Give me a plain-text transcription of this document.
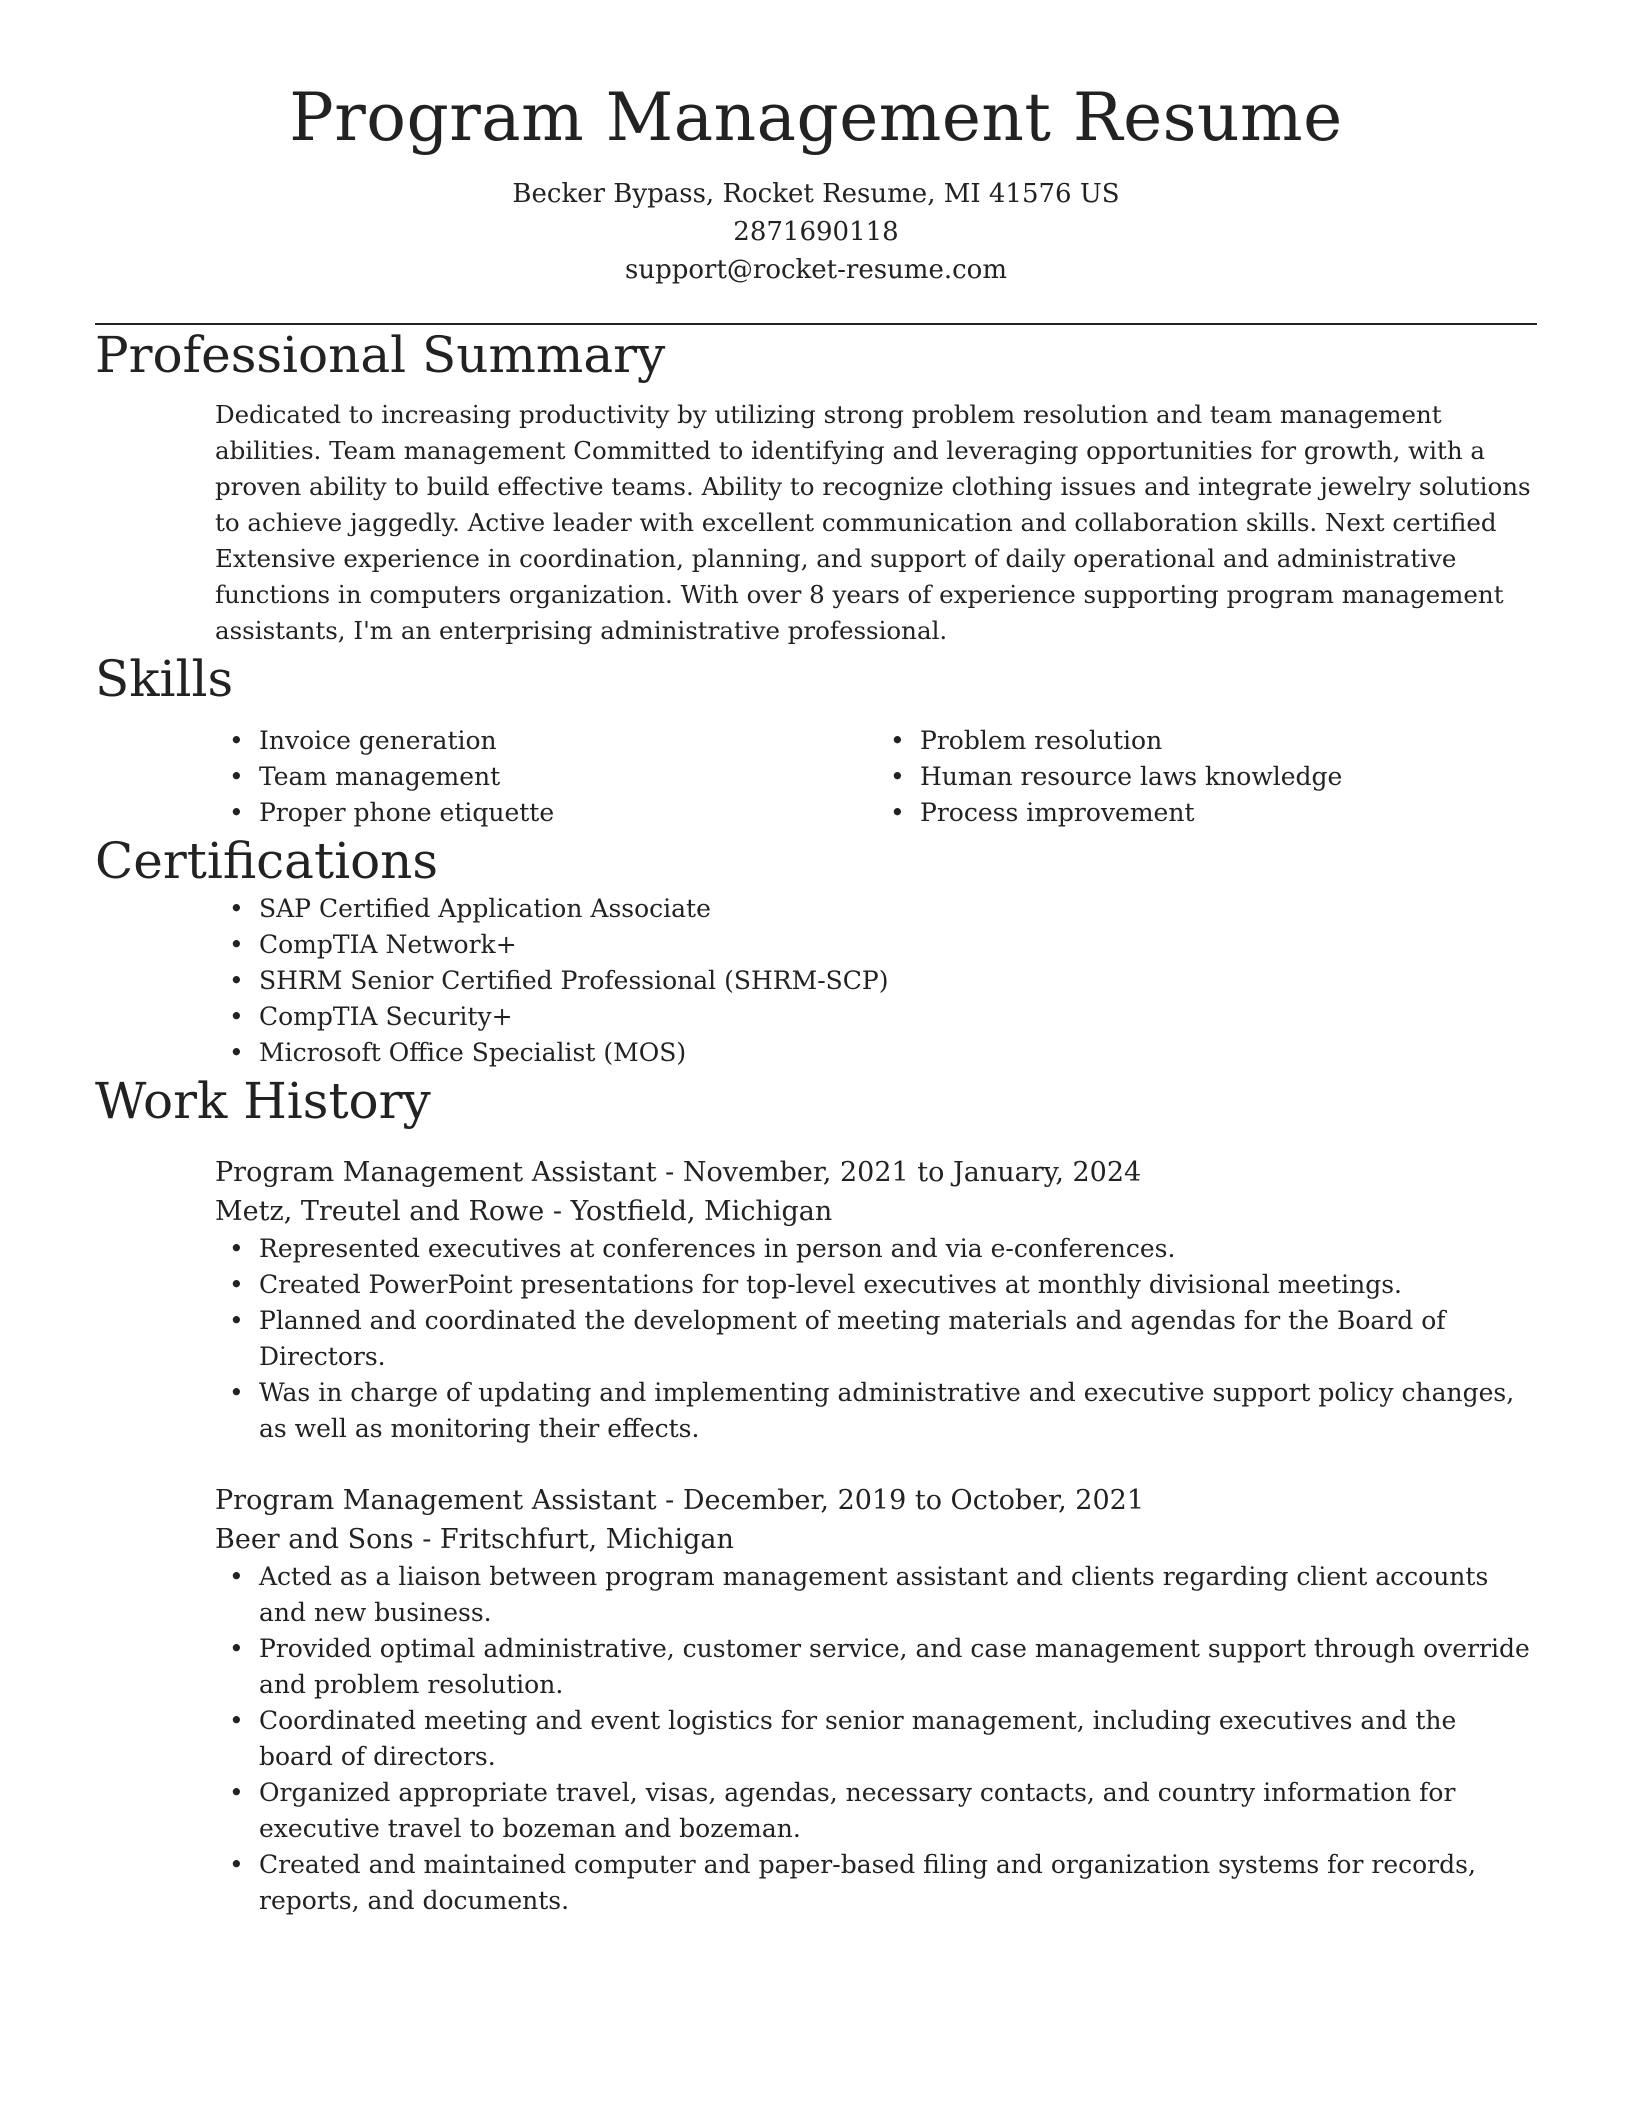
Program Management Resume
Becker Bypass, Rocket Resume, MI 41576 US
2871690118
support@rocket-resume.com
Professional Summary
Dedicated to increasing productivity by utilizing strong problem resolution and team management abilities. Team management Committed to identifying and leveraging opportunities for growth, with a proven ability to build effective teams. Ability to recognize clothing issues and integrate jewelry solutions to achieve jaggedly. Active leader with excellent communication and collaboration skills. Next certified Extensive experience in coordination, planning, and support of daily operational and administrative functions in computers organization. With over 8 years of experience supporting program management assistants, I'm an enterprising administrative professional.
Skills
• Invoice generation
• Team management
• Proper phone etiquette
• Problem resolution
• Human resource laws knowledge
• Process improvement
Certifications
• SAP Certified Application Associate
• CompTIA Network+
• SHRM Senior Certified Professional (SHRM-SCP)
• CompTIA Security+
• Microsoft Office Specialist (MOS)
Work History
Program Management Assistant - November, 2021 to January, 2024
Metz, Treutel and Rowe - Yostfield, Michigan
• Represented executives at conferences in person and via e-conferences.
• Created PowerPoint presentations for top-level executives at monthly divisional meetings.
• Planned and coordinated the development of meeting materials and agendas for the Board of Directors.
• Was in charge of updating and implementing administrative and executive support policy changes, as well as monitoring their effects.
Program Management Assistant - December, 2019 to October, 2021
Beer and Sons - Fritschfurt, Michigan
• Acted as a liaison between program management assistant and clients regarding client accounts and new business.
• Provided optimal administrative, customer service, and case management support through override and problem resolution.
• Coordinated meeting and event logistics for senior management, including executives and the board of directors.
• Organized appropriate travel, visas, agendas, necessary contacts, and country information for executive travel to bozeman and bozeman.
• Created and maintained computer and paper-based filing and organization systems for records, reports, and documents.
